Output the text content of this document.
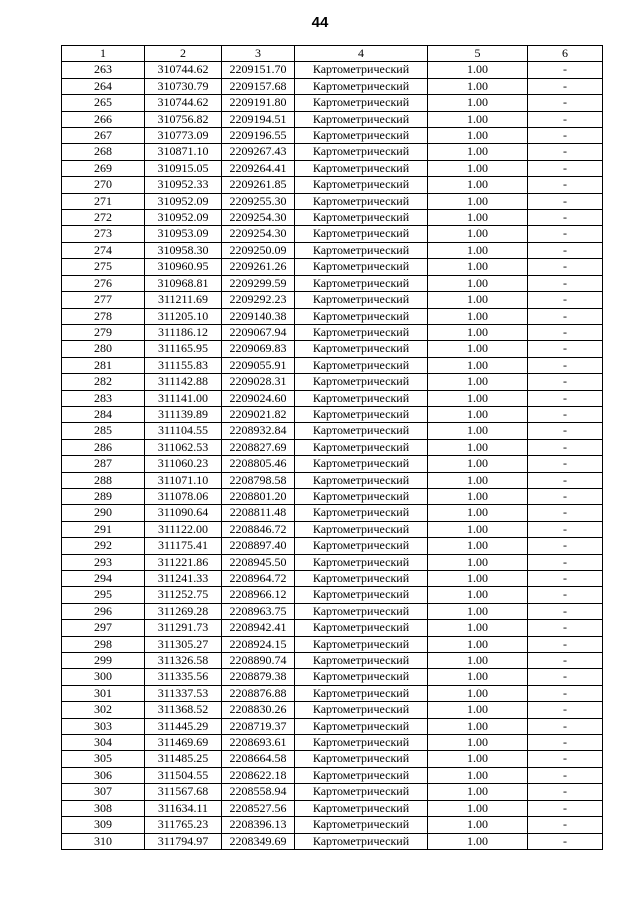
44
1	2	3	4	5	6
263	310744.62	2209151.70	Картометрический	1.00	-
264	310730.79	2209157.68	Картометрический	1.00	-
265	310744.62	2209191.80	Картометрический	1.00	-
266	310756.82	2209194.51	Картометрический	1.00	-
267	310773.09	2209196.55	Картометрический	1.00	-
268	310871.10	2209267.43	Картометрический	1.00	-
269	310915.05	2209264.41	Картометрический	1.00	-
270	310952.33	2209261.85	Картометрический	1.00	-
271	310952.09	2209255.30	Картометрический	1.00	-
272	310952.09	2209254.30	Картометрический	1.00	-
273	310953.09	2209254.30	Картометрический	1.00	-
274	310958.30	2209250.09	Картометрический	1.00	-
275	310960.95	2209261.26	Картометрический	1.00	-
276	310968.81	2209299.59	Картометрический	1.00	-
277	311211.69	2209292.23	Картометрический	1.00	-
278	311205.10	2209140.38	Картометрический	1.00	-
279	311186.12	2209067.94	Картометрический	1.00	-
280	311165.95	2209069.83	Картометрический	1.00	-
281	311155.83	2209055.91	Картометрический	1.00	-
282	311142.88	2209028.31	Картометрический	1.00	-
283	311141.00	2209024.60	Картометрический	1.00	-
284	311139.89	2209021.82	Картометрический	1.00	-
285	311104.55	2208932.84	Картометрический	1.00	-
286	311062.53	2208827.69	Картометрический	1.00	-
287	311060.23	2208805.46	Картометрический	1.00	-
288	311071.10	2208798.58	Картометрический	1.00	-
289	311078.06	2208801.20	Картометрический	1.00	-
290	311090.64	2208811.48	Картометрический	1.00	-
291	311122.00	2208846.72	Картометрический	1.00	-
292	311175.41	2208897.40	Картометрический	1.00	-
293	311221.86	2208945.50	Картометрический	1.00	-
294	311241.33	2208964.72	Картометрический	1.00	-
295	311252.75	2208966.12	Картометрический	1.00	-
296	311269.28	2208963.75	Картометрический	1.00	-
297	311291.73	2208942.41	Картометрический	1.00	-
298	311305.27	2208924.15	Картометрический	1.00	-
299	311326.58	2208890.74	Картометрический	1.00	-
300	311335.56	2208879.38	Картометрический	1.00	-
301	311337.53	2208876.88	Картометрический	1.00	-
302	311368.52	2208830.26	Картометрический	1.00	-
303	311445.29	2208719.37	Картометрический	1.00	-
304	311469.69	2208693.61	Картометрический	1.00	-
305	311485.25	2208664.58	Картометрический	1.00	-
306	311504.55	2208622.18	Картометрический	1.00	-
307	311567.68	2208558.94	Картометрический	1.00	-
308	311634.11	2208527.56	Картометрический	1.00	-
309	311765.23	2208396.13	Картометрический	1.00	-
310	311794.97	2208349.69	Картометрический	1.00	-
